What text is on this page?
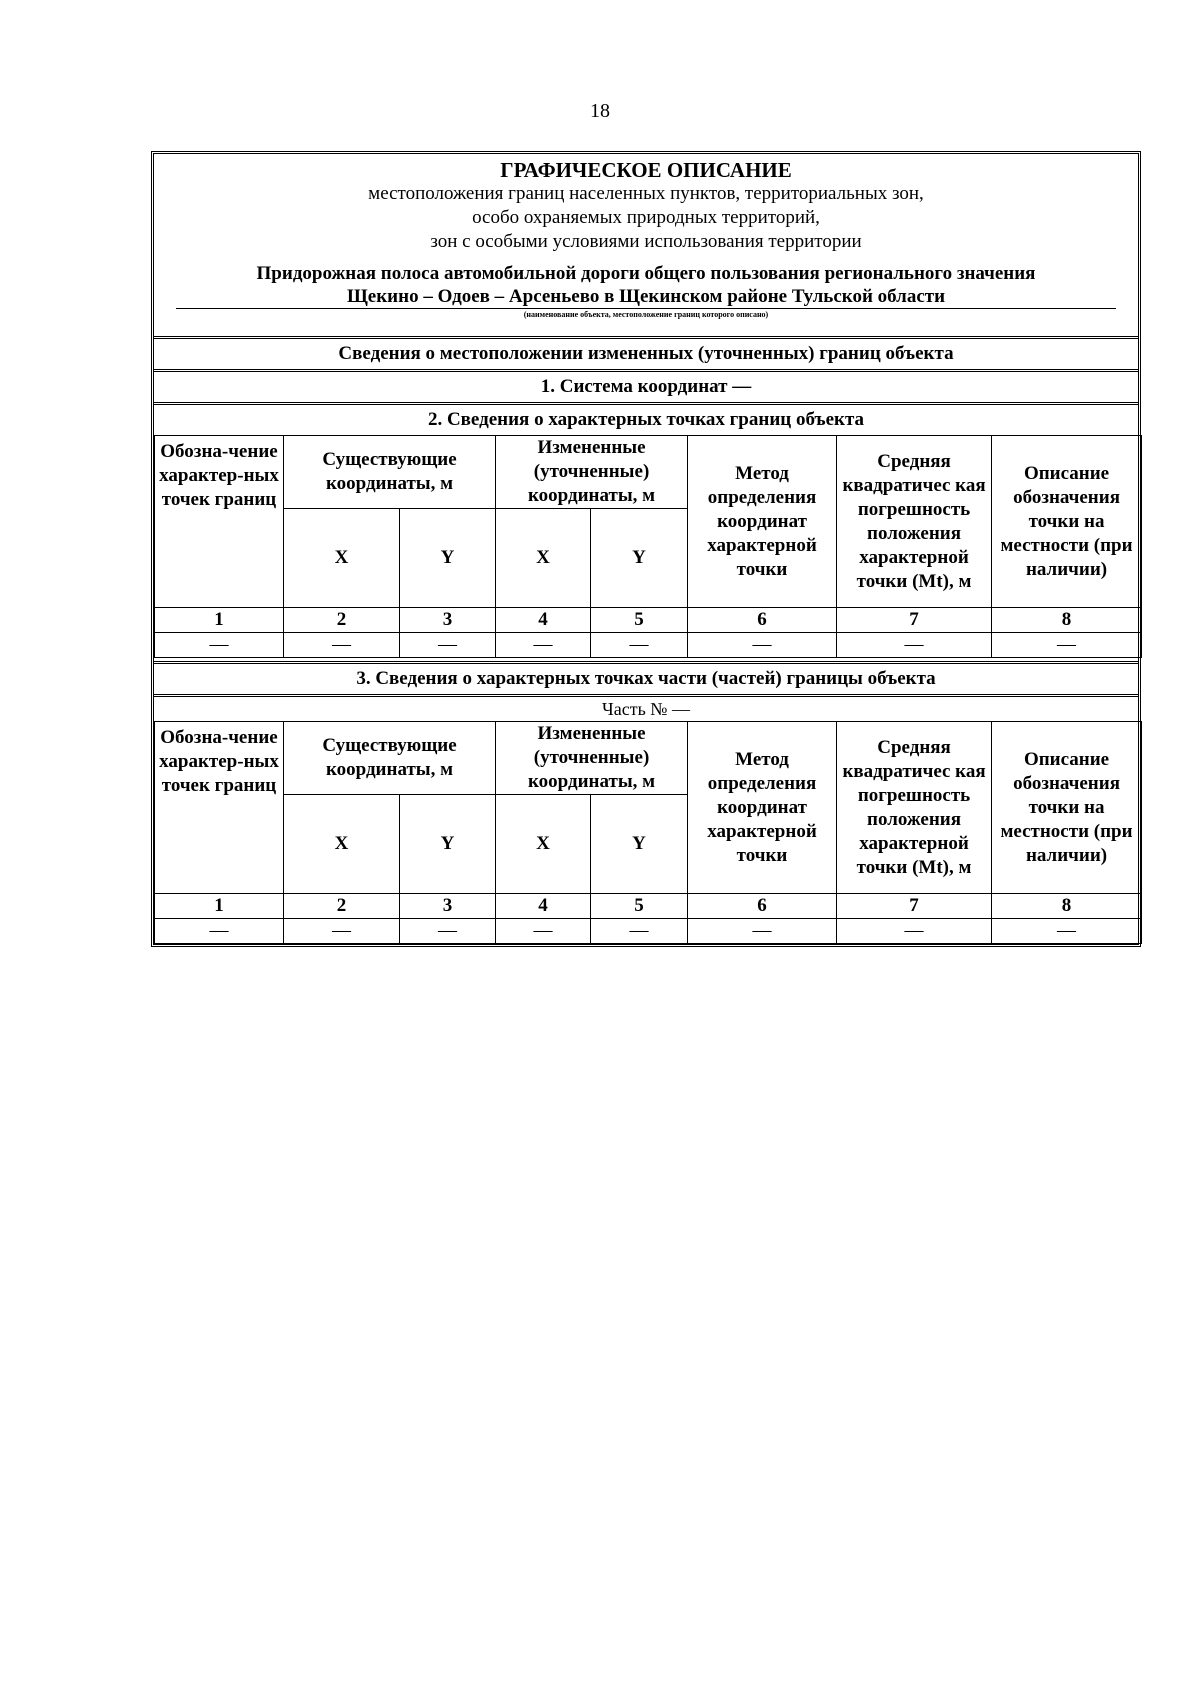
18
ГРАФИЧЕСКОЕ ОПИСАНИЕ
местоположения границ населенных пунктов, территориальных зон,
особо охраняемых природных территорий,
зон с особыми условиями использования территории
Придорожная полоса автомобильной дороги общего пользования регионального значения
Щекино – Одоев – Арсеньево в Щекинском районе Тульской области
(наименование объекта, местоположение границ которого описано)
Сведения о местоположении измененных (уточненных) границ объекта
1. Система координат —
2. Сведения о характерных точках границ объекта
Обозна-чение характер-ных точек границ	Существующие координаты, м		Измененные (уточненные) координаты, м		Метод определения координат характерной точки	Средняя квадратичес кая погрешность положения характерной точки (Mt), м	Описание обозначения точки на местности (при наличии)
	X	Y	X	Y			
1	2	3	4	5	6	7	8
—	—	—	—	—	—	—	—
3. Сведения о характерных точках части (частей) границы объекта
Часть № —
Обозна-чение характер-ных точек границ	Существующие координаты, м		Измененные (уточненные) координаты, м		Метод определения координат характерной точки	Средняя квадратичес кая погрешность положения характерной точки (Mt), м	Описание обозначения точки на местности (при наличии)
	X	Y	X	Y			
1	2	3	4	5	6	7	8
—	—	—	—	—	—	—	—
